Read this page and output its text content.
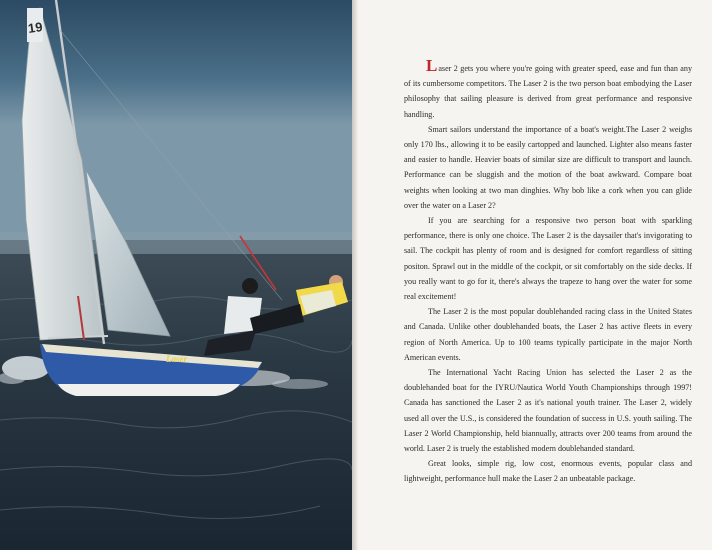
19
Laser

Laser 2 gets you where you're going with greater speed, ease and fun than any of its cumbersome competitors. The Laser 2 is the two person boat embodying the Laser philosophy that sailing pleasure is derived from great performance and responsive handling.

Smart sailors understand the importance of a boat's weight.The Laser 2 weighs only 170 lbs., allowing it to be easily cartopped and launched. Lighter also means faster and easier to handle. Heavier boats of similar size are difficult to transport and launch. Performance can be sluggish and the motion of the boat awkward. Compare boat weights when looking at two man dinghies. Why bob like a cork when you can glide over the water on a Laser 2?

If you are searching for a responsive two person boat with sparkling performance, there is only one choice. The Laser 2 is the daysailer that's invigorating to sail. The cockpit has plenty of room and is designed for comfort regardless of sitting positon. Sprawl out in the middle of the cockpit, or sit comfortably on the side decks. If you really want to go for it, there's always the trapeze to hang over the water for some real excitement!

The Laser 2 is the most popular doublehanded racing class in the United States and Canada. Unlike other doublehanded boats, the Laser 2 has active fleets in every region of North America. Up to 100 teams typically participate in the major North American events.

The International Yacht Racing Union has selected the Laser 2 as the doublehanded boat for the IYRU/Nautica World Youth Championships through 1997! Canada has sanctioned the Laser 2 as it's national youth trainer. The Laser 2, widely used all over the U.S., is considered the foundation of success in U.S. youth sailing. The Laser 2 World Championship, held biannually, attracts over 200 teams from around the world. Laser 2 is truely the established modern doublehanded standard.

Great looks, simple rig, low cost, enormous events, popular class and lightweight, performance hull make the Laser 2 an unbeatable package.
